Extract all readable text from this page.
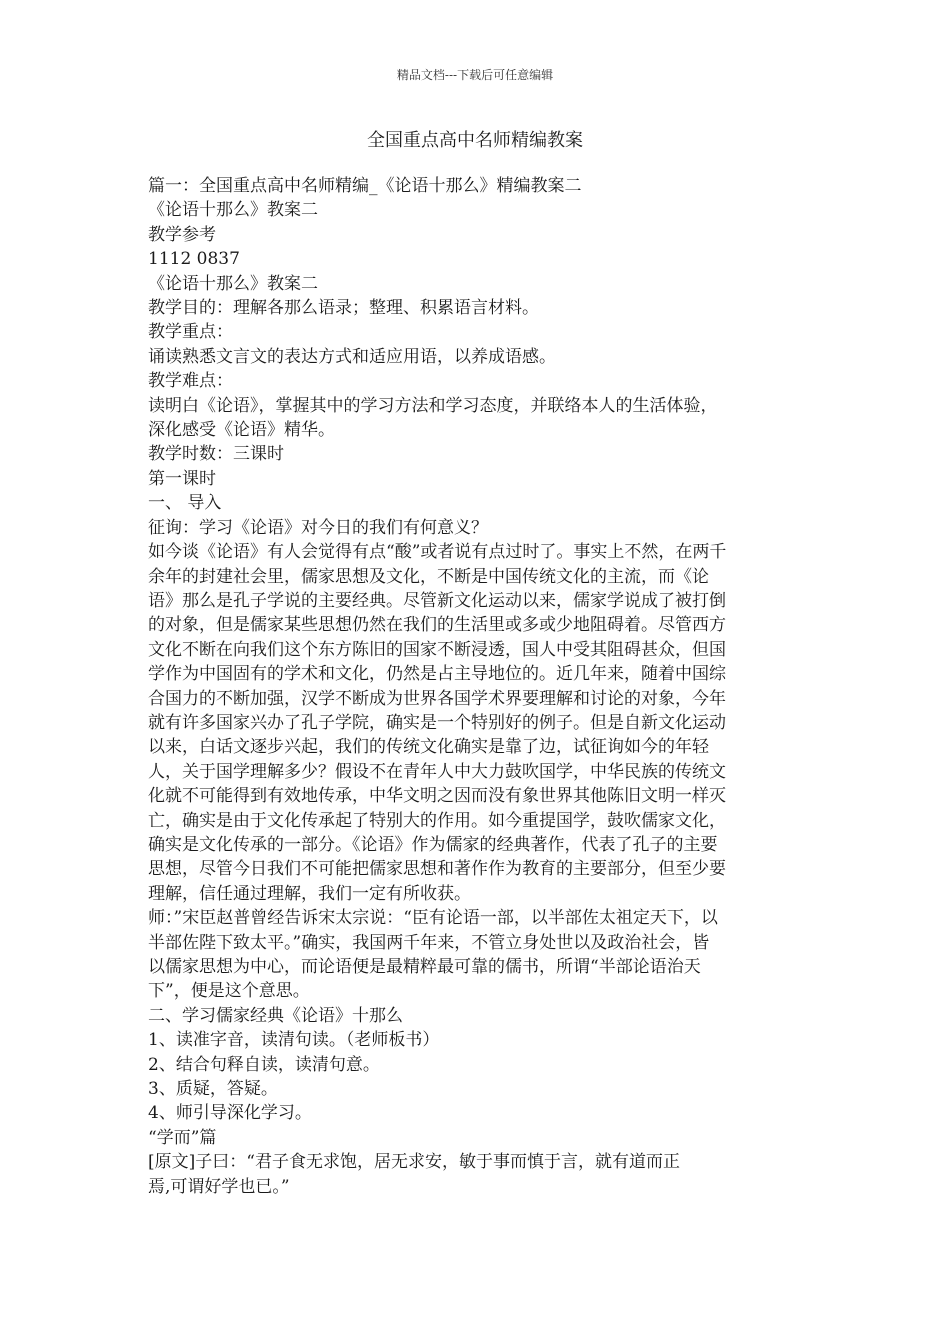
精品文档---下载后可任意编辑
全国重点高中名师精编教案

篇一：全国重点高中名师精编_《论语十那么》精编教案二

《论语十那么》教案二

教学参考

1112 0837

《论语十那么》教案二

教学目的：理解各那么语录；整理、积累语言材料。

教学重点：

诵读熟悉文言文的表达方式和适应用语，以养成语感。

教学难点：

读明白《论语》，掌握其中的学习方法和学习态度，并联络本人的生活体验，

深化感受《论语》精华。

教学时数：三课时

第一课时

一、 导入

征询：学习《论语》对今日的我们有何意义？

如今谈《论语》有人会觉得有点“酸”或者说有点过时了。事实上不然，在两千

余年的封建社会里，儒家思想及文化，不断是中国传统文化的主流，而《论

语》那么是孔子学说的主要经典。尽管新文化运动以来，儒家学说成了被打倒

的对象，但是儒家某些思想仍然在我们的生活里或多或少地阻碍着。尽管西方

文化不断在向我们这个东方陈旧的国家不断浸透，国人中受其阻碍甚众，但国

学作为中国固有的学术和文化，仍然是占主导地位的。近几年来，随着中国综

合国力的不断加强，汉学不断成为世界各国学术界要理解和讨论的对象，今年

就有许多国家兴办了孔子学院，确实是一个特别好的例子。但是自新文化运动

以来，白话文逐步兴起，我们的传统文化确实是靠了边，试征询如今的年轻

人，关于国学理解多少？假设不在青年人中大力鼓吹国学，中华民族的传统文

化就不可能得到有效地传承，中华文明之因而没有象世界其他陈旧文明一样灭

亡，确实是由于文化传承起了特别大的作用。如今重提国学，鼓吹儒家文化，

确实是文化传承的一部分。《论语》作为儒家的经典著作，代表了孔子的主要

思想，尽管今日我们不可能把儒家思想和著作作为教育的主要部分，但至少要

理解，信任通过理解，我们一定有所收获。

师：”宋臣赵普曾经告诉宋太宗说：“臣有论语一部，以半部佐太祖定天下，以

半部佐陛下致太平。”确实，我国两千年来，不管立身处世以及政治社会，皆

以儒家思想为中心，而论语便是最精粹最可靠的儒书，所谓“半部论语治天

下”，便是这个意思。

二、学习儒家经典《论语》十那么

1、读准字音，读清句读。（老师板书）

2、结合句释自读，读清句意。

3、质疑，答疑。

4、师引导深化学习。

“学而”篇

[原文]子曰：“君子食无求饱，居无求安，敏于事而慎于言，就有道而正

焉,可谓好学也已。”
